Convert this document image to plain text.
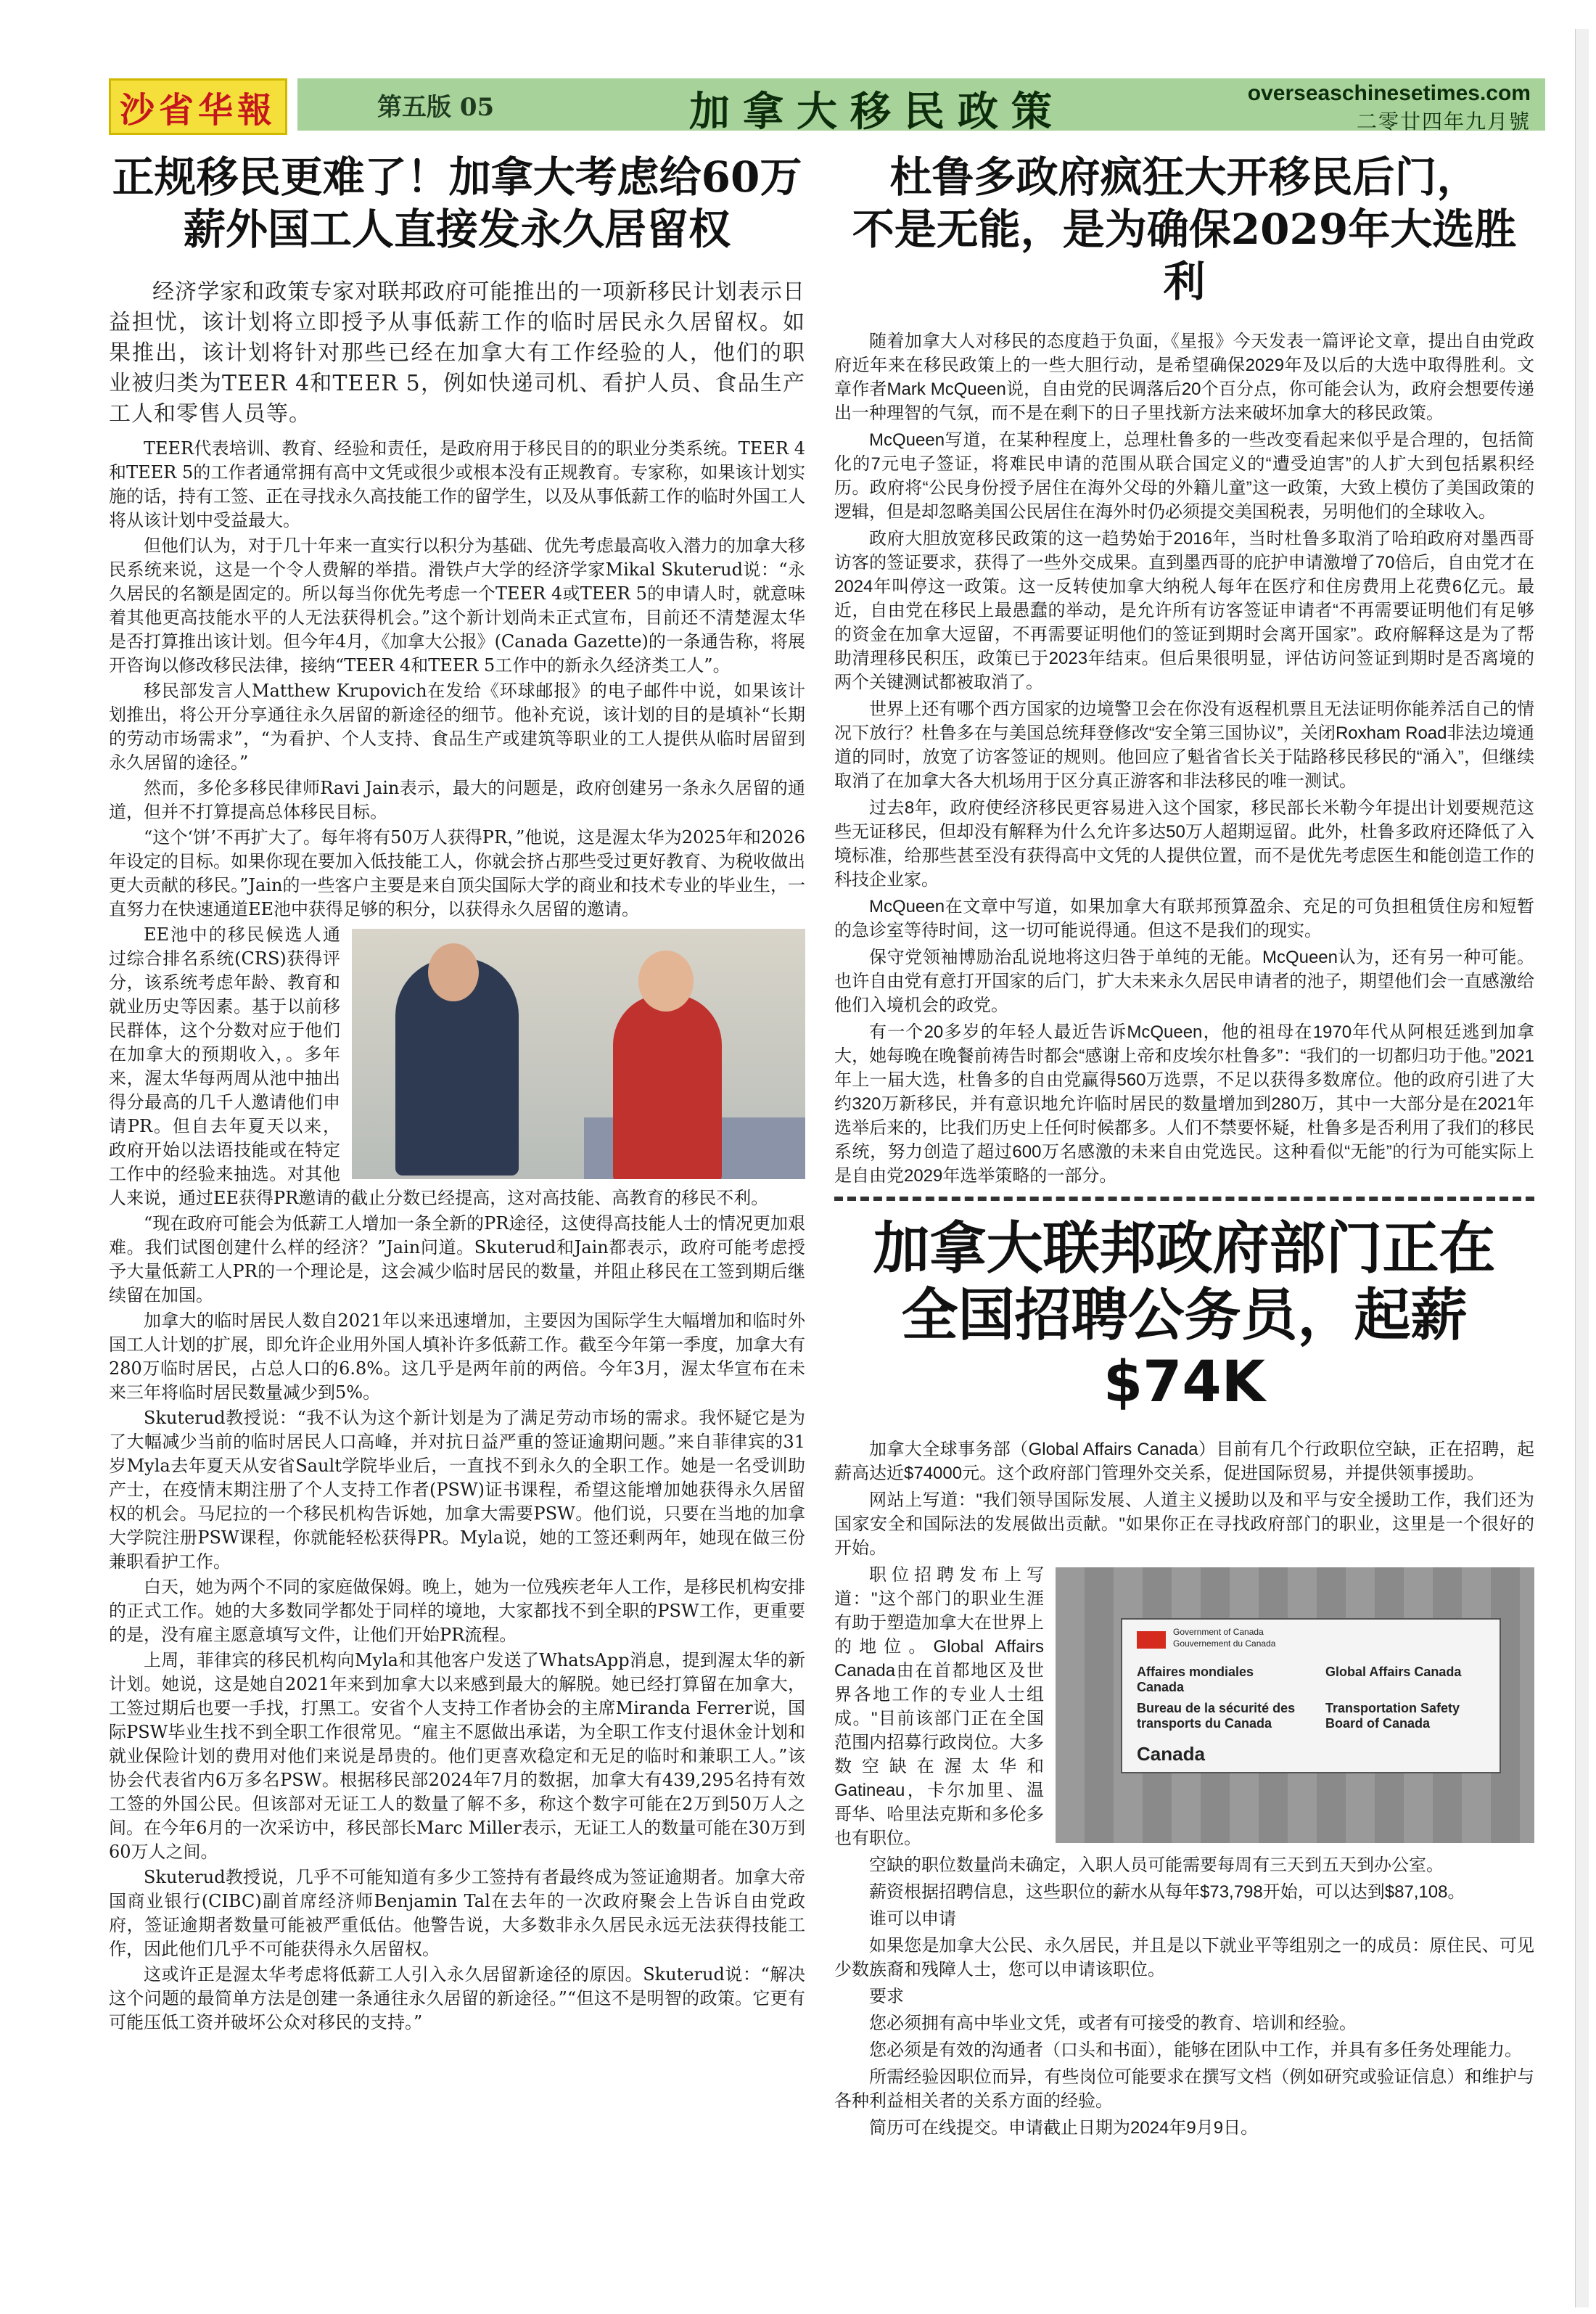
沙省华報	第五版 05	加拿大移民政策	overseaschinesetimes.com
二零廿四年九月號
正规移民更难了！加拿大考虑给60万
薪外国工人直接发永久居留权

经济学家和政策专家对联邦政府可能推出的一项新移民计划表示日益担忧，该计划将立即授予从事低薪工作的临时居民永久居留权。如果推出，该计划将针对那些已经在加拿大有工作经验的人，他们的职业被归类为TEER 4和TEER 5，例如快递司机、看护人员、食品生产工人和零售人员等。

TEER代表培训、教育、经验和责任，是政府用于移民目的的职业分类系统。TEER 4和TEER 5的工作者通常拥有高中文凭或很少或根本没有正规教育。专家称，如果该计划实施的话，持有工签、正在寻找永久高技能工作的留学生，以及从事低薪工作的临时外国工人将从该计划中受益最大。

但他们认为，对于几十年来一直实行以积分为基础、优先考虑最高收入潜力的加拿大移民系统来说，这是一个令人费解的举措。滑铁卢大学的经济学家Mikal Skuterud说：“永久居民的名额是固定的。所以每当你优先考虑一个TEER 4或TEER 5的申请人时，就意味着其他更高技能水平的人无法获得机会。”这个新计划尚未正式宣布，目前还不清楚渥太华是否打算推出该计划。但今年4月，《加拿大公报》(Canada Gazette)的一条通告称，将展开咨询以修改移民法律，接纳“TEER 4和TEER 5工作中的新永久经济类工人”。

移民部发言人Matthew Krupovich在发给《环球邮报》的电子邮件中说，如果该计划推出，将公开分享通往永久居留的新途径的细节。他补充说，该计划的目的是填补“长期的劳动市场需求”，“为看护、个人支持、食品生产或建筑等职业的工人提供从临时居留到永久居留的途径。”

然而，多伦多移民律师Ravi Jain表示，最大的问题是，政府创建另一条永久居留的通道，但并不打算提高总体移民目标。

“这个‘饼’不再扩大了。每年将有50万人获得PR，”他说，这是渥太华为2025年和2026年设定的目标。如果你现在要加入低技能工人，你就会挤占那些受过更好教育、为税收做出更大贡献的移民。”Jain的一些客户主要是来自顶尖国际大学的商业和技术专业的毕业生，一直努力在快速通道EE池中获得足够的积分，以获得永久居留的邀请。

EE池中的移民候选人通过综合排名系统(CRS)获得评分，该系统考虑年龄、教育和就业历史等因素。基于以前移民群体，这个分数对应于他们在加拿大的预期收入，。多年来，渥太华每两周从池中抽出得分最高的几千人邀请他们申请PR。但自去年夏天以来，政府开始以法语技能或在特定工作中的经验来抽选。对其他人来说，通过EE获得PR邀请的截止分数已经提高，这对高技能、高教育的移民不利。

“现在政府可能会为低薪工人增加一条全新的PR途径，这使得高技能人士的情况更加艰难。我们试图创建什么样的经济？”Jain问道。Skuterud和Jain都表示，政府可能考虑授予大量低薪工人PR的一个理论是，这会减少临时居民的数量，并阻止移民在工签到期后继续留在加国。

加拿大的临时居民人数自2021年以来迅速增加，主要因为国际学生大幅增加和临时外国工人计划的扩展，即允许企业用外国人填补许多低薪工作。截至今年第一季度，加拿大有280万临时居民，占总人口的6.8%。这几乎是两年前的两倍。今年3月，渥太华宣布在未来三年将临时居民数量减少到5%。

Skuterud教授说：“我不认为这个新计划是为了满足劳动市场的需求。我怀疑它是为了大幅减少当前的临时居民人口高峰，并对抗日益严重的签证逾期问题。”来自菲律宾的31岁Myla去年夏天从安省Sault学院毕业后，一直找不到永久的全职工作。她是一名受训助产士，在疫情末期注册了个人支持工作者(PSW)证书课程，希望这能增加她获得永久居留权的机会。马尼拉的一个移民机构告诉她，加拿大需要PSW。他们说，只要在当地的加拿大学院注册PSW课程，你就能轻松获得PR。Myla说，她的工签还剩两年，她现在做三份兼职看护工作。

白天，她为两个不同的家庭做保姆。晚上，她为一位残疾老年人工作，是移民机构安排的正式工作。她的大多数同学都处于同样的境地，大家都找不到全职的PSW工作，更重要的是，没有雇主愿意填写文件，让他们开始PR流程。

上周，菲律宾的移民机构向Myla和其他客户发送了WhatsApp消息，提到渥太华的新计划。她说，这是她自2021年来到加拿大以来感到最大的解脱。她已经打算留在加拿大，工签过期后也要一手找，打黑工。安省个人支持工作者协会的主席Miranda Ferrer说，国际PSW毕业生找不到全职工作很常见。“雇主不愿做出承诺，为全职工作支付退休金计划和就业保险计划的费用对他们来说是昂贵的。他们更喜欢稳定和无足的临时和兼职工人。”该协会代表省内6万多名PSW。根据移民部2024年7月的数据，加拿大有439,295名持有效工签的外国公民。但该部对无证工人的数量了解不多，称这个数字可能在2万到50万人之间。在今年6月的一次采访中，移民部长Marc Miller表示，无证工人的数量可能在30万到60万人之间。

Skuterud教授说，几乎不可能知道有多少工签持有者最终成为签证逾期者。加拿大帝国商业银行(CIBC)副首席经济师Benjamin Tal在去年的一次政府聚会上告诉自由党政府，签证逾期者数量可能被严重低估。他警告说，大多数非永久居民永远无法获得技能工作，因此他们几乎不可能获得永久居留权。

这或许正是渥太华考虑将低薪工人引入永久居留新途径的原因。Skuterud说：“解决这个问题的最简单方法是创建一条通往永久居留的新途径。”“但这不是明智的政策。它更有可能压低工资并破坏公众对移民的支持。”

杜鲁多政府疯狂大开移民后门，
不是无能，是为确保2029年大选胜利

随着加拿大人对移民的态度趋于负面，《星报》今天发表一篇评论文章，提出自由党政府近年来在移民政策上的一些大胆行动，是希望确保2029年及以后的大选中取得胜利。文章作者Mark McQueen说，自由党的民调落后20个百分点，你可能会认为，政府会想要传递出一种理智的气氛，而不是在剩下的日子里找新方法来破坏加拿大的移民政策。

McQueen写道，在某种程度上，总理杜鲁多的一些改变看起来似乎是合理的，包括简化的7元电子签证，将难民申请的范围从联合国定义的“遭受迫害”的人扩大到包括累积经历。政府将“公民身份授予居住在海外父母的外籍儿童”这一政策，大致上模仿了美国政策的逻辑，但是却忽略美国公民居住在海外时仍必须提交美国税表，另明他们的全球收入。

政府大胆放宽移民政策的这一趋势始于2016年，当时杜鲁多取消了哈珀政府对墨西哥访客的签证要求，获得了一些外交成果。直到墨西哥的庇护申请激增了70倍后，自由党才在2024年叫停这一政策。这一反转使加拿大纳税人每年在医疗和住房费用上花费6亿元。最近，自由党在移民上最愚蠢的举动，是允许所有访客签证申请者“不再需要证明他们有足够的资金在加拿大逗留，不再需要证明他们的签证到期时会离开国家”。政府解释这是为了帮助清理移民积压，政策已于2023年结束。但后果很明显，评估访问签证到期时是否离境的两个关键测试都被取消了。

世界上还有哪个西方国家的边境警卫会在你没有返程机票且无法证明你能养活自己的情况下放行？杜鲁多在与美国总统拜登修改“安全第三国协议”，关闭Roxham Road非法边境通道的同时，放宽了访客签证的规则。他回应了魁省省长关于陆路移民移民的“涌入”，但继续取消了在加拿大各大机场用于区分真正游客和非法移民的唯一测试。

过去8年，政府使经济移民更容易进入这个国家，移民部长米勒今年提出计划要规范这些无证移民，但却没有解释为什么允许多达50万人超期逗留。此外，杜鲁多政府还降低了入境标准，给那些甚至没有获得高中文凭的人提供位置，而不是优先考虑医生和能创造工作的科技企业家。

McQueen在文章中写道，如果加拿大有联邦预算盈余、充足的可负担租赁住房和短暂的急诊室等待时间，这一切可能说得通。但这不是我们的现实。

保守党领袖博励治乱说地将这归咎于单纯的无能。McQueen认为，还有另一种可能。也许自由党有意打开国家的后门，扩大未来永久居民申请者的池子，期望他们会一直感激给他们入境机会的政党。

有一个20多岁的年轻人最近告诉McQueen，他的祖母在1970年代从阿根廷逃到加拿大，她每晚在晚餐前祷告时都会“感谢上帝和皮埃尔杜鲁多”：“我们的一切都归功于他。”2021年上一届大选，杜鲁多的自由党赢得560万选票，不足以获得多数席位。他的政府引进了大约320万新移民，并有意识地允许临时居民的数量增加到280万，其中一大部分是在2021年选举后来的，比我们历史上任何时候都多。人们不禁要怀疑，杜鲁多是否利用了我们的移民系统，努力创造了超过600万名感激的未来自由党选民。这种看似“无能”的行为可能实际上是自由党2029年选举策略的一部分。

加拿大联邦政府部门正在
全国招聘公务员，起薪$74K

加拿大全球事务部（Global Affairs Canada）目前有几个行政职位空缺，正在招聘，起薪高达近$74000元。这个政府部门管理外交关系，促进国际贸易，并提供领事援助。

网站上写道："我们领导国际发展、人道主义援助以及和平与安全援助工作，我们还为国家安全和国际法的发展做出贡献。"如果你正在寻找政府部门的职业，这里是一个很好的开始。

Government of Canada
Gouvernement du Canada
Affaires mondiales Canada
Global Affairs Canada
Bureau de la sécurité des transports du Canada
Transportation Safety Board of Canada
Canada

职位招聘发布上写道："这个部门的职业生涯有助于塑造加拿大在世界上的地位。Global Affairs Canada由在首都地区及世界各地工作的专业人士组成。"目前该部门正在全国范围内招募行政岗位。大多数空缺在渥太华和Gatineau，卡尔加里、温哥华、哈里法克斯和多伦多也有职位。

空缺的职位数量尚未确定，入职人员可能需要每周有三天到五天到办公室。

薪资根据招聘信息，这些职位的薪水从每年$73,798开始，可以达到$87,108。

谁可以申请

如果您是加拿大公民、永久居民，并且是以下就业平等组别之一的成员：原住民、可见少数族裔和残障人士，您可以申请该职位。

要求

您必须拥有高中毕业文凭，或者有可接受的教育、培训和经验。

您必须是有效的沟通者（口头和书面），能够在团队中工作，并具有多任务处理能力。

所需经验因职位而异，有些岗位可能要求在撰写文档（例如研究或验证信息）和维护与各种利益相关者的关系方面的经验。

简历可在线提交。申请截止日期为2024年9月9日。
